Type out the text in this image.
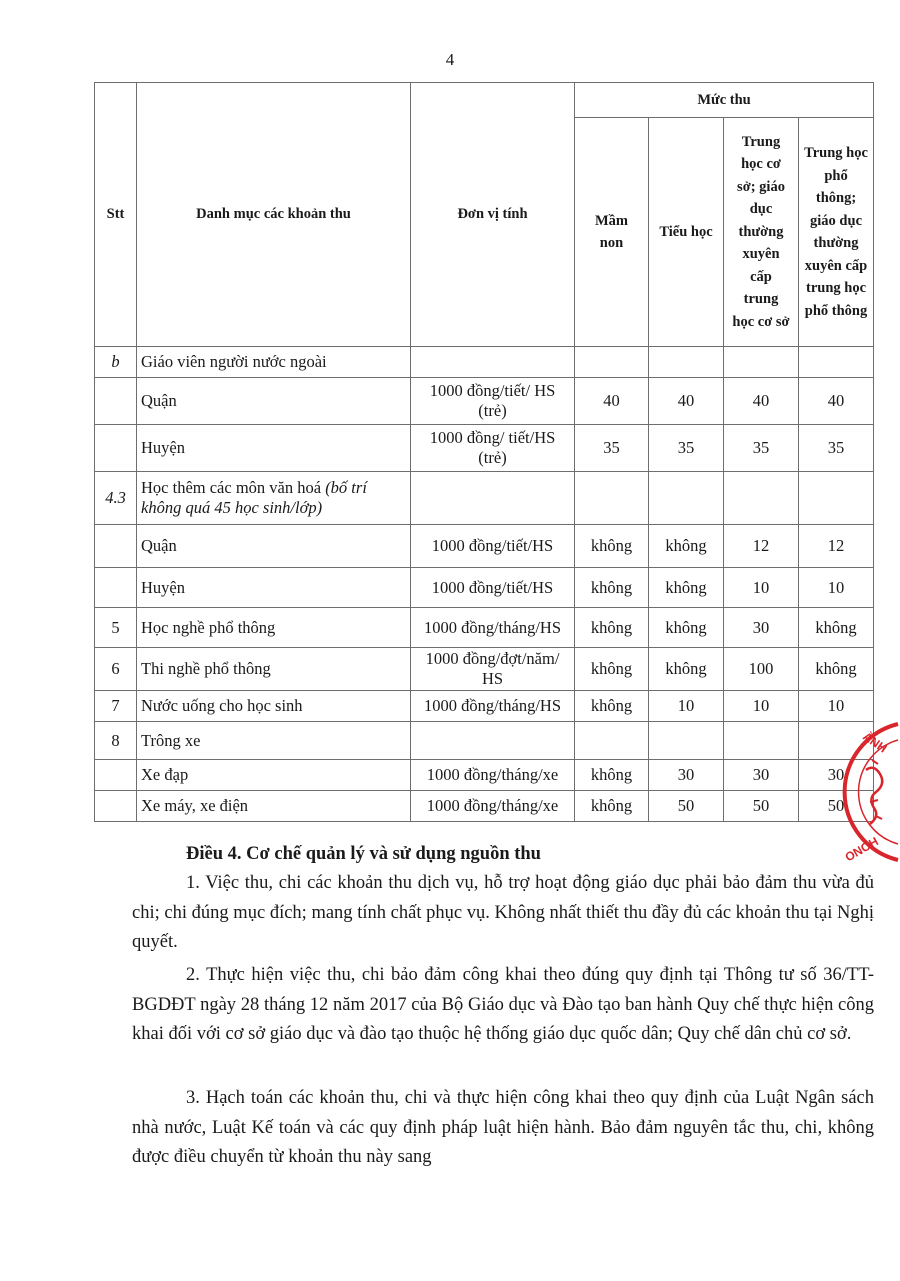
4
Stt	Danh mục các khoản thu	Đơn vị tính	Mức thu			
			Mầm non	Tiểu học	Trung học cơ sở; giáo dục thường xuyên cấp trung học cơ sở	Trung học phổ thông; giáo dục thường xuyên cấp trung học phổ thông
b	Giáo viên người nước ngoài					
	Quận	1000 đồng/tiết/ HS (trẻ)	40	40	40	40
	Huyện	1000 đồng/ tiết/HS (trẻ)	35	35	35	35
4.3	Học thêm các môn văn hoá (bố trí không quá 45 học sinh/lớp)					
	Quận	1000 đồng/tiết/HS	không	không	12	12
	Huyện	1000 đồng/tiết/HS	không	không	10	10
5	Học nghề phổ thông	1000 đồng/tháng/HS	không	không	30	không
6	Thi nghề phổ thông	1000 đồng/đợt/năm/ HS	không	không	100	không
7	Nước uống cho học sinh	1000 đồng/tháng/HS	không	10	10	10
8	Trông xe					
	Xe đạp	1000 đồng/tháng/xe	không	30	30	30
	Xe máy, xe điện	1000 đồng/tháng/xe	không	50	50	50
Điều 4. Cơ chế quản lý và sử dụng nguồn thu
1. Việc thu, chi các khoản thu dịch vụ, hỗ trợ hoạt động giáo dục phải bảo đảm thu vừa đủ chi; chi đúng mục đích; mang tính chất phục vụ. Không nhất thiết thu đầy đủ các khoản thu tại Nghị quyết.
2. Thực hiện việc thu, chi bảo đảm công khai theo đúng quy định tại Thông tư số 36/TT-BGDĐT ngày 28 tháng 12 năm 2017 của Bộ Giáo dục và Đào tạo ban hành Quy chế thực hiện công khai đối với cơ sở giáo dục và đào tạo thuộc hệ thống giáo dục quốc dân; Quy chế dân chủ cơ sở.
3. Hạch toán các khoản thu, chi và thực hiện công khai theo quy định của Luật Ngân sách nhà nước, Luật Kế toán và các quy định pháp luật hiện hành. Bảo đảm nguyên tắc thu, chi, không được điều chuyển từ khoản thu này sang
ÀNH
ONOH
